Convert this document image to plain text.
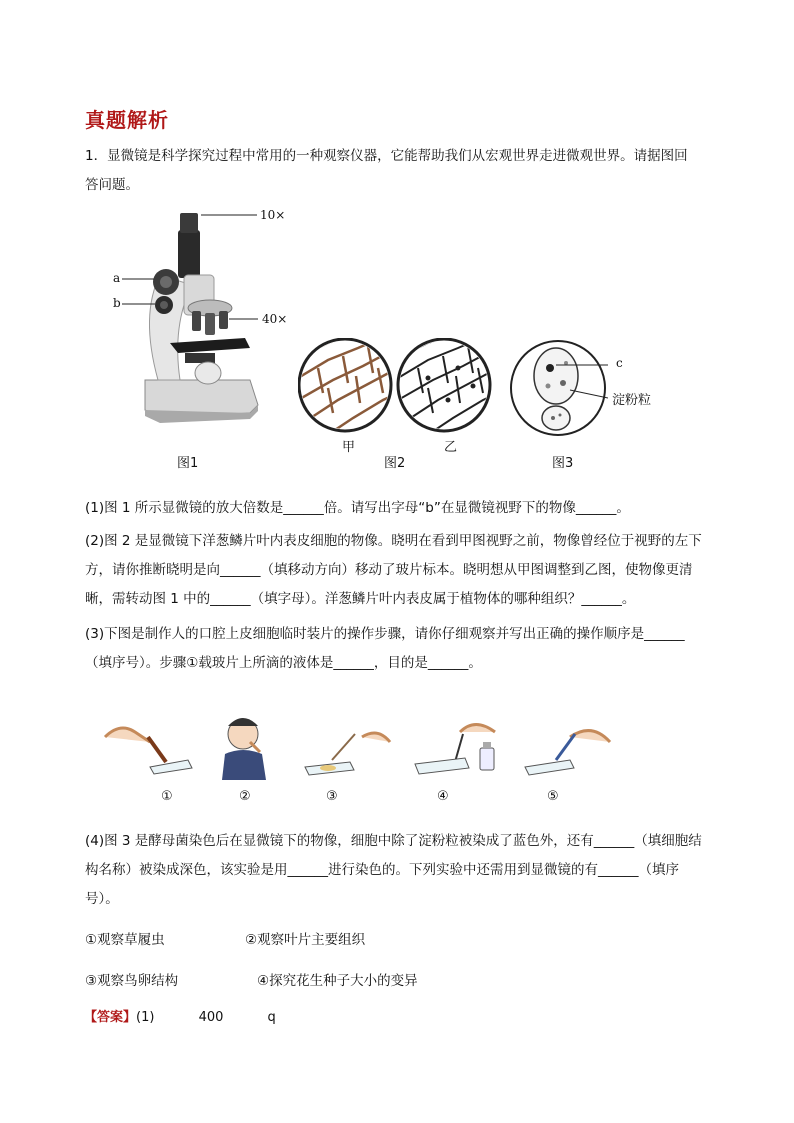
真题解析
1．显微镜是科学探究过程中常用的一种观察仪器，它能帮助我们从宏观世界走进微观世界。请据图回
答问题。
10×
a
b
40×
图1
甲	乙
图2
c
淀粉粒
图3
(1)图 1 所示显微镜的放大倍数是______倍。请写出字母“b”在显微镜视野下的物像______。
(2)图 2 是显微镜下洋葱鳞片叶内表皮细胞的物像。晓明在看到甲图视野之前，物像曾经位于视野的左下
方，请你推断晓明是向______（填移动方向）移动了玻片标本。晓明想从甲图调整到乙图，使物像更清
晰，需转动图 1 中的______（填字母）。洋葱鳞片叶内表皮属于植物体的哪种组织？______。
(3)下图是制作人的口腔上皮细胞临时装片的操作步骤，请你仔细观察并写出正确的操作顺序是______
（填序号）。步骤①载玻片上所滴的液体是______，目的是______。
①	②	③	④	⑤
(4)图 3 是酵母菌染色后在显微镜下的物像，细胞中除了淀粉粒被染成了蓝色外，还有______（填细胞结
构名称）被染成深色，该实验是用______进行染色的。下列实验中还需用到显微镜的有______（填序
号）。
①观察草履虫	②观察叶片主要组织
③观察鸟卵结构	④探究花生种子大小的变异
【答案】(1)	400	q
